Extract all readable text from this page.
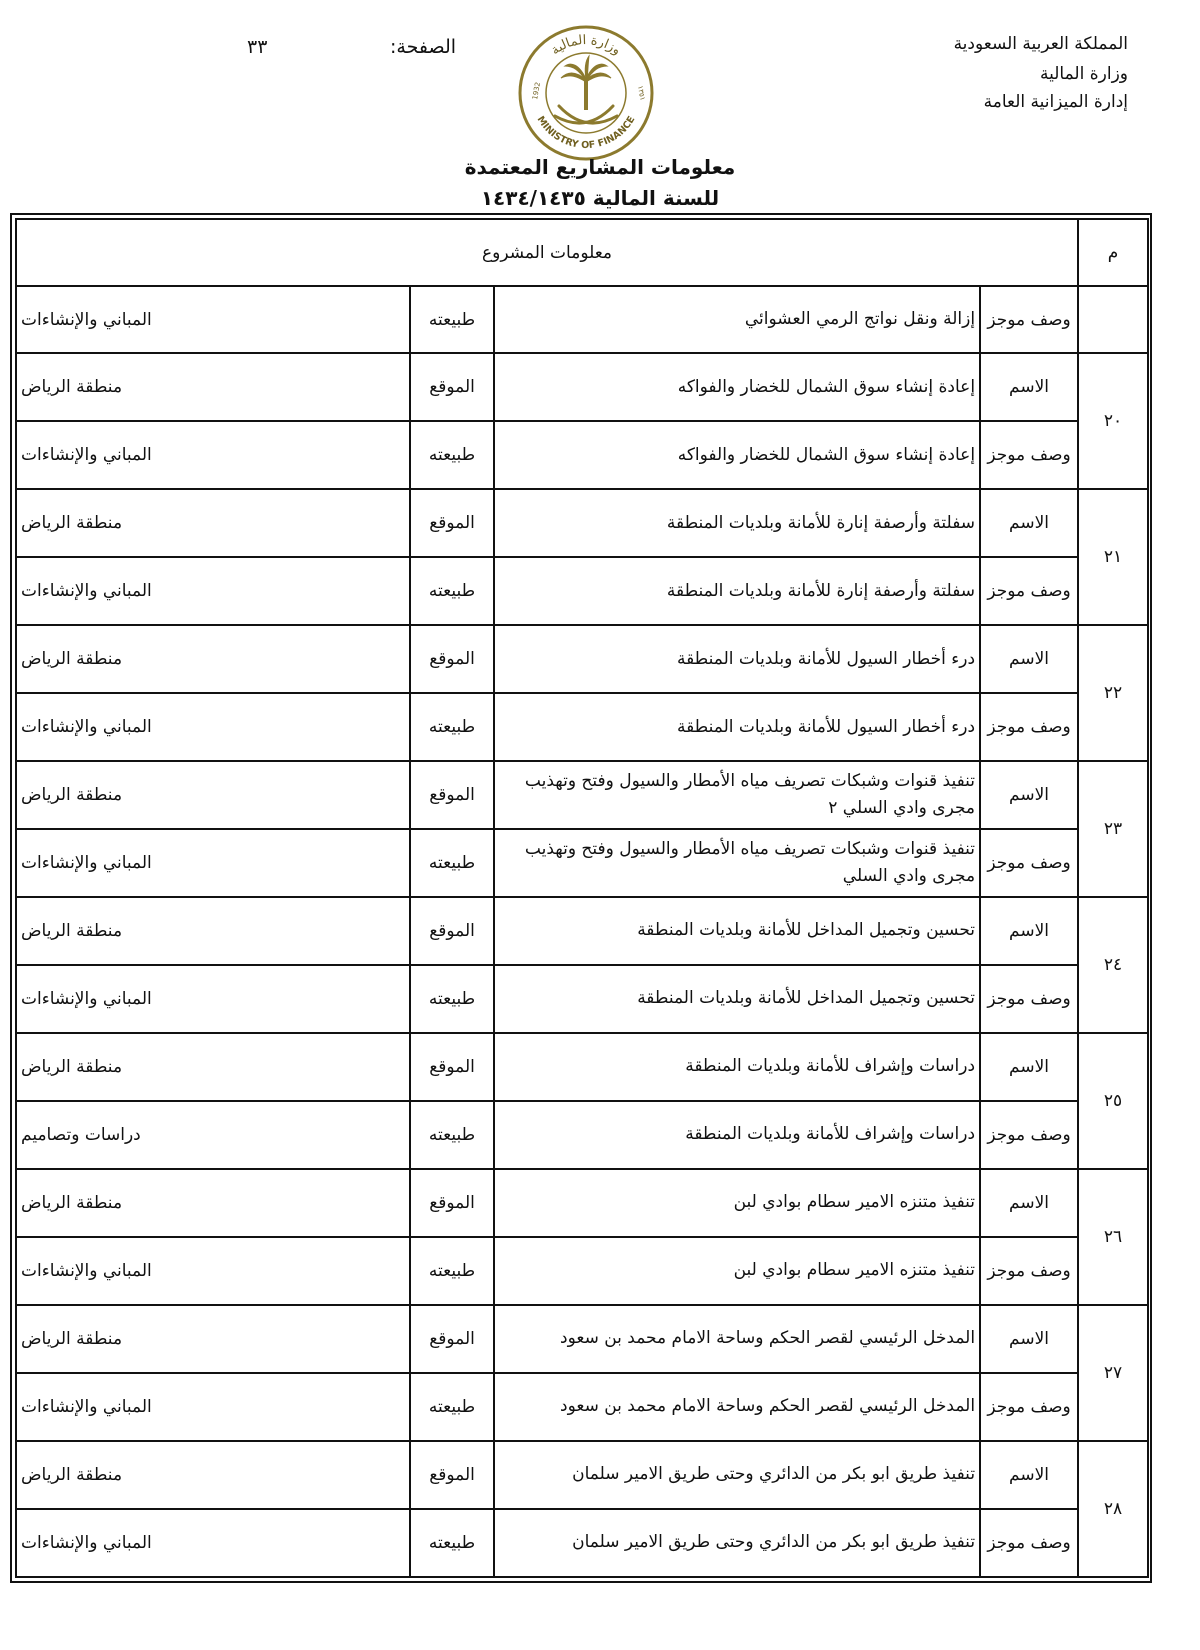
المملكة العربية السعودية
وزارة المالية
إدارة الميزانية العامة
الصفحة:
٣٣	وزارة المالية
MINISTRY OF FINANCE
1932	١٣٥١
معلومات المشاريع المعتمدة
للسنة المالية ١٤٣٤/١٤٣٥
م	معلومات المشروع			
	وصف موجز	إزالة ونقل نواتج الرمي العشوائي	طبيعته	المباني والإنشاءات
٢٠	الاسم	إعادة إنشاء سوق الشمال للخضار والفواكه	الموقع	منطقة الرياض
	وصف موجز	إعادة إنشاء سوق الشمال للخضار والفواكه	طبيعته	المباني والإنشاءات
٢١	الاسم	سفلتة وأرصفة إنارة للأمانة وبلديات المنطقة	الموقع	منطقة الرياض
	وصف موجز	سفلتة وأرصفة إنارة للأمانة وبلديات المنطقة	طبيعته	المباني والإنشاءات
٢٢	الاسم	درء أخطار السيول للأمانة وبلديات المنطقة	الموقع	منطقة الرياض
	وصف موجز	درء أخطار السيول للأمانة وبلديات المنطقة	طبيعته	المباني والإنشاءات
٢٣	الاسم	تنفيذ قنوات وشبكات تصريف مياه الأمطار والسيول وفتح وتهذيب مجرى وادي السلي ٢	الموقع	منطقة الرياض
	وصف موجز	تنفيذ قنوات وشبكات تصريف مياه الأمطار والسيول وفتح وتهذيب مجرى وادي السلي	طبيعته	المباني والإنشاءات
٢٤	الاسم	تحسين وتجميل المداخل للأمانة وبلديات المنطقة	الموقع	منطقة الرياض
	وصف موجز	تحسين وتجميل المداخل للأمانة وبلديات المنطقة	طبيعته	المباني والإنشاءات
٢٥	الاسم	دراسات وإشراف للأمانة وبلديات المنطقة	الموقع	منطقة الرياض
	وصف موجز	دراسات وإشراف للأمانة وبلديات المنطقة	طبيعته	دراسات وتصاميم
٢٦	الاسم	تنفيذ متنزه الامير سطام بوادي لبن	الموقع	منطقة الرياض
	وصف موجز	تنفيذ متنزه الامير سطام بوادي لبن	طبيعته	المباني والإنشاءات
٢٧	الاسم	المدخل الرئيسي لقصر الحكم وساحة الامام محمد بن سعود	الموقع	منطقة الرياض
	وصف موجز	المدخل الرئيسي لقصر الحكم وساحة الامام محمد بن سعود	طبيعته	المباني والإنشاءات
٢٨	الاسم	تنفيذ طريق ابو بكر من الدائري وحتى طريق الامير سلمان	الموقع	منطقة الرياض
	وصف موجز	تنفيذ طريق ابو بكر من الدائري وحتى طريق الامير سلمان	طبيعته	المباني والإنشاءات
